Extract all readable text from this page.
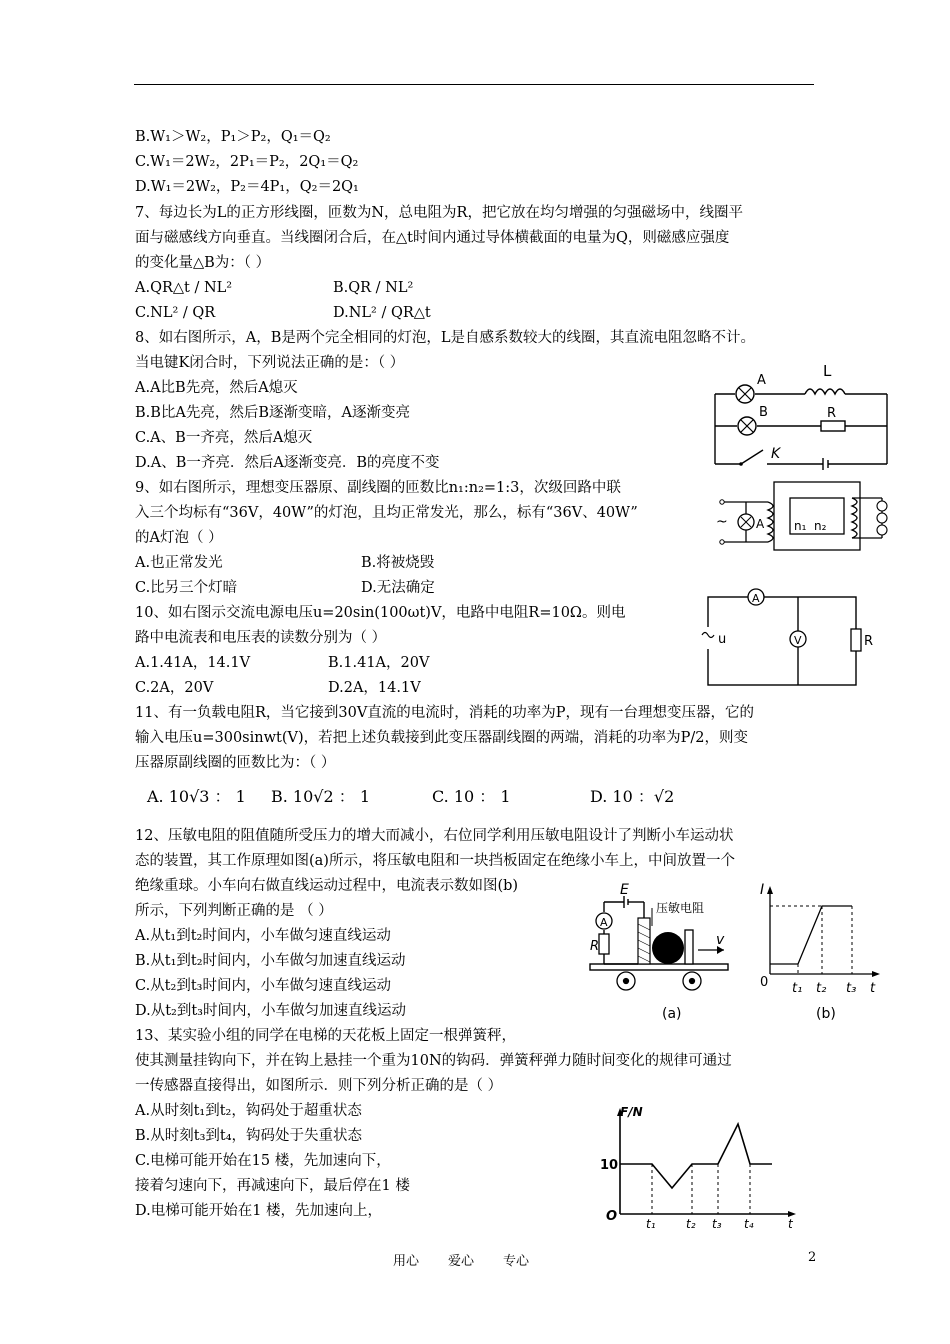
B.W₁＞W₂，P₁＞P₂，Q₁＝Q₂
C.W₁＝2W₂，2P₁＝P₂，2Q₁＝Q₂
D.W₁＝2W₂，P₂＝4P₁，Q₂＝2Q₁
7、每边长为L的正方形线圈，匝数为N，总电阻为R，把它放在均匀增强的匀强磁场中，线圈平
面与磁感线方向垂直。当线圈闭合后，在△t时间内通过导体横截面的电量为Q，则磁感应强度
的变化量△B为：（ ）
A.QR△t / NL²	B.QR / NL²
C.NL² / QR	D.NL² / QR△t
8、如右图所示，A，B是两个完全相同的灯泡，L是自感系数较大的线圈，其直流电阻忽略不计。
当电键K闭合时，下列说法正确的是：（ ）
A.A比B先亮，然后A熄灭
B.B比A先亮，然后B逐渐变暗，A逐渐变亮
C.A、B一齐亮，然后A熄灭
D.A、B一齐亮．然后A逐渐变亮．B的亮度不变
9、如右图所示，理想变压器原、副线圈的匝数比n₁:n₂=1:3，次级回路中联
入三个均标有“36V，40W”的灯泡，且均正常发光，那么，标有“36V、40W”
的A灯泡（ ）
A.也正常发光	B.将被烧毁
C.比另三个灯暗	D.无法确定
10、如右图示交流电源电压u=20sin(100ωt)V，电路中电阻R=10Ω。则电
路中电流表和电压表的读数分别为（ ）
A.1.41A，14.1V	B.1.41A，20V
C.2A，20V	D.2A，14.1V
11、有一负载电阻R，当它接到30V直流的电流时，消耗的功率为P，现有一台理想变压器，它的
输入电压u=300sinwt(V)，若把上述负载接到此变压器副线圈的两端，消耗的功率为P/2，则变
压器原副线圈的匝数比为：（ ）
A. 10√3 ： 1 B. 10√2 ： 1	C. 10 ： 1	D. 10 ：√2
12、压敏电阻的阻值随所受压力的增大而减小，右位同学利用压敏电阻设计了判断小车运动状
态的装置，其工作原理如图(a)所示，将压敏电阻和一块挡板固定在绝缘小车上，中间放置一个
绝缘重球。小车向右做直线运动过程中，电流表示数如图(b)
所示，下列判断正确的是 （ ）
A.从t₁到t₂时间内，小车做匀速直线运动
B.从t₁到t₂时间内，小车做匀加速直线运动
C.从t₂到t₃时间内，小车做匀速直线运动
D.从t₂到t₃时间内，小车做匀加速直线运动
13、某实验小组的同学在电梯的天花板上固定一根弹簧秤，
使其测量挂钩向下，并在钩上悬挂一个重为10N的钩码．弹簧秤弹力随时间变化的规律可通过
一传感器直接得出，如图所示．则下列分析正确的是（ ）
A.从时刻t₁到t₂，钩码处于超重状态
B.从时刻t₃到t₄，钩码处于失重状态
C.电梯可能开始在15 楼，先加速向下，
接着匀速向下，再减速向下，最后停在1 楼
D.电梯可能开始在1 楼，先加速向上，
A
B
L
R
K
~ A n₁ n₂
A
V
u	R
E
A
R
压敏电阻
v
(a)
I
0 t₁ t₂ t₃ t
(b)
F/N
10
O t₁	t₂ t₃ t₄	t
用心 爱心 专心	2
